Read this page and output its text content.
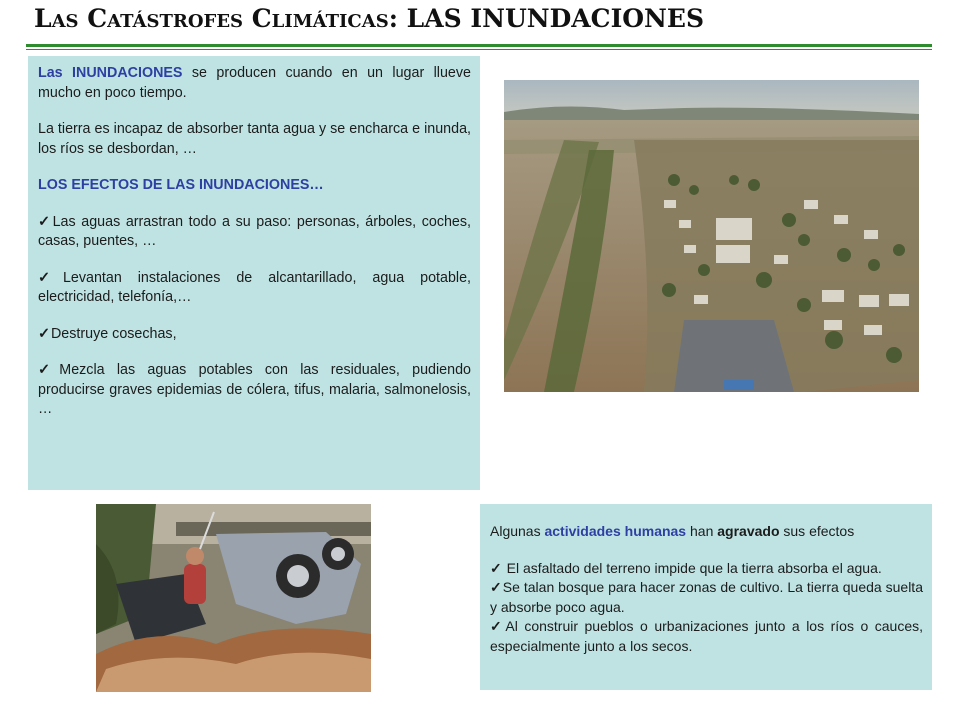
Las Catástrofes Climáticas: LAS INUNDACIONES

Las INUNDACIONES se producen cuando en un lugar llueve mucho en poco tiempo.

La tierra es incapaz de absorber tanta agua y se encharca e inunda, los ríos se desbordan, …

LOS EFECTOS DE LAS INUNDACIONES…

✓Las aguas arrastran todo a su paso: personas, árboles, coches, casas, puentes, …

✓Levantan instalaciones de alcantarillado, agua potable, electricidad, telefonía,…

✓Destruye cosechas,

✓Mezcla las aguas potables con las residuales, pudiendo producirse graves epidemias de cólera, tifus, malaria, salmonelosis, …

Algunas actividades humanas han agravado sus efectos

✓ El asfaltado del terreno impide que la tierra absorba el agua.

✓Se talan bosque para hacer zonas de cultivo. La tierra queda suelta y absorbe poco agua.

✓Al construir pueblos o urbanizaciones junto a los ríos o cauces, especialmente junto a los secos.
